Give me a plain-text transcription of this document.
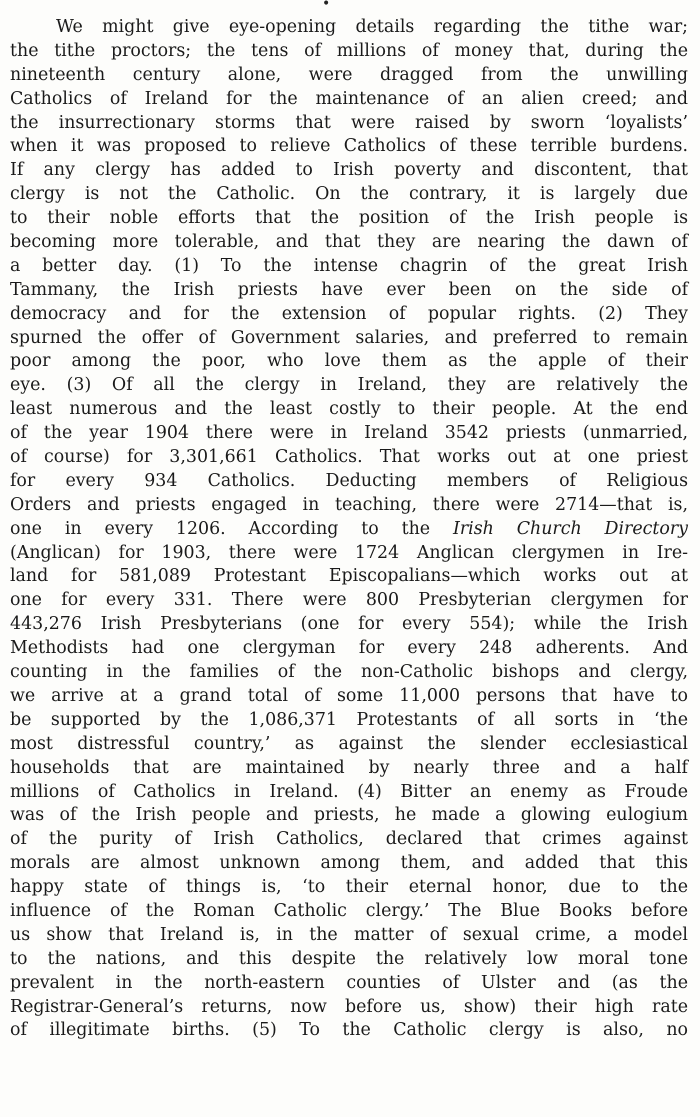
•
We might give eye-opening details regarding the tithe war;
the tithe proctors; the tens of millions of money that, during the
nineteenth century alone, were dragged from the unwilling
Catholics of Ireland for the maintenance of an alien creed; and
the insurrectionary storms that were raised by sworn ‘loyalists’
when it was proposed to relieve Catholics of these terrible burdens.
If any clergy has added to Irish poverty and discontent, that
clergy is not the Catholic. On the contrary, it is largely due
to their noble efforts that the position of the Irish people is
becoming more tolerable, and that they are nearing the dawn of
a better day. (1) To the intense chagrin of the great Irish
Tammany, the Irish priests have ever been on the side of
democracy and for the extension of popular rights. (2) They
spurned the offer of Government salaries, and preferred to remain
poor among the poor, who love them as the apple of their
eye. (3) Of all the clergy in Ireland, they are relatively the
least numerous and the least costly to their people. At the end
of the year 1904 there were in Ireland 3542 priests (unmarried,
of course) for 3,301,661 Catholics. That works out at one priest
for every 934 Catholics. Deducting members of Religious
Orders and priests engaged in teaching, there were 2714—that is,
one in every 1206. According to the Irish Church Directory
(Anglican) for 1903, there were 1724 Anglican clergymen in Ire-
land for 581,089 Protestant Episcopalians—which works out at
one for every 331. There were 800 Presbyterian clergymen for
443,276 Irish Presbyterians (one for every 554); while the Irish
Methodists had one clergyman for every 248 adherents. And
counting in the families of the non-Catholic bishops and clergy,
we arrive at a grand total of some 11,000 persons that have to
be supported by the 1,086,371 Protestants of all sorts in ‘the
most distressful country,’ as against the slender ecclesiastical
households that are maintained by nearly three and a half
millions of Catholics in Ireland. (4) Bitter an enemy as Froude
was of the Irish people and priests, he made a glowing eulogium
of the purity of Irish Catholics, declared that crimes against
morals are almost unknown among them, and added that this
happy state of things is, ‘to their eternal honor, due to the
influence of the Roman Catholic clergy.’ The Blue Books before
us show that Ireland is, in the matter of sexual crime, a model
to the nations, and this despite the relatively low moral tone
prevalent in the north-eastern counties of Ulster and (as the
Registrar-General’s returns, now before us, show) their high rate
of illegitimate births. (5) To the Catholic clergy is also, no
